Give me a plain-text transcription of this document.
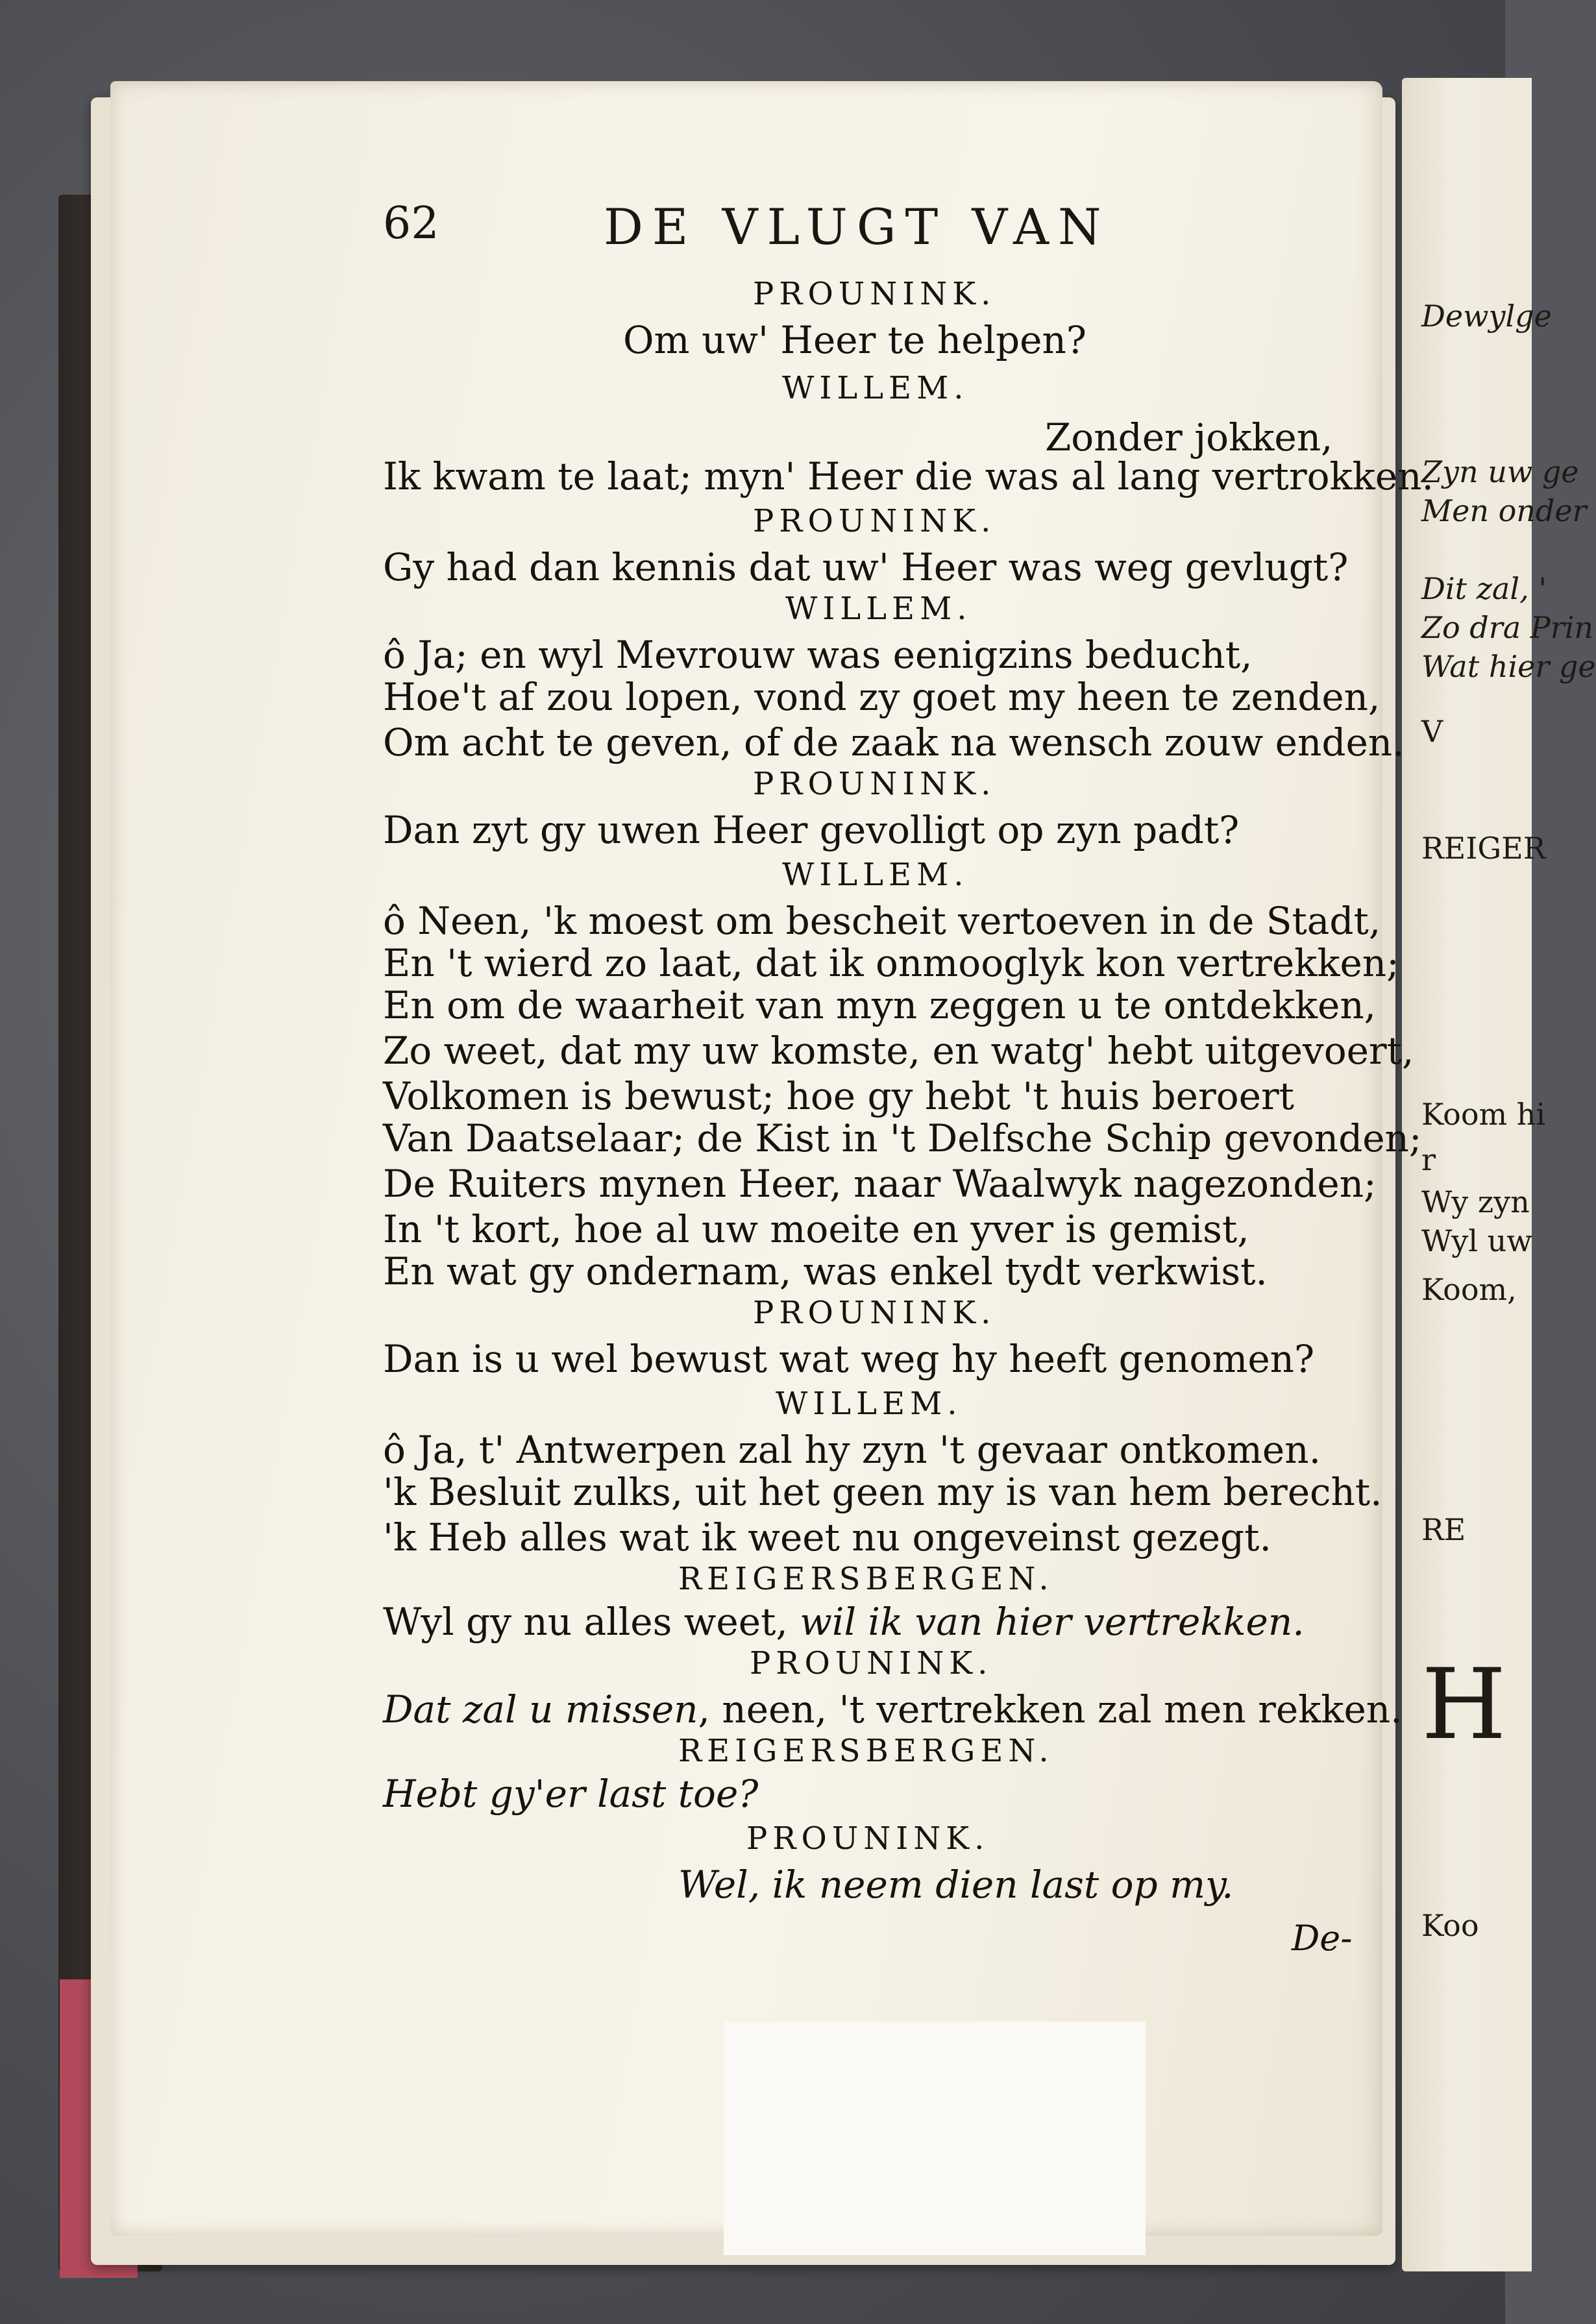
Dewylge
Zyn uw ge
Men onder
Dit zal, '
Zo dra Prin
Wat hier ge
V
REIGER
Koom hi
r
Wy zyn
Wyl uw
Koom,
RE
H
Koo
62	DE VLUGT VAN
PROUNINK.
Om uw' Heer te helpen?
WILLEM.
Zonder jokken,
Ik kwam te laat; myn' Heer die was al lang vertrokken.
PROUNINK.
Gy had dan kennis dat uw' Heer was weg gevlugt?
WILLEM.
ô Ja; en wyl Mevrouw was eenigzins beducht,
Hoe't af zou lopen, vond zy goet my heen te zenden,
Om acht te geven, of de zaak na wensch zouw enden.
PROUNINK.
Dan zyt gy uwen Heer gevolligt op zyn padt?
WILLEM.
ô Neen, 'k moest om bescheit vertoeven in de Stadt,
En 't wierd zo laat, dat ik onmooglyk kon vertrekken;
En om de waarheit van myn zeggen u te ontdekken,
Zo weet, dat my uw komste, en watg' hebt uitgevoert,
Volkomen is bewust; hoe gy hebt 't huis beroert
Van Daatselaar; de Kist in 't Delfsche Schip gevonden;
De Ruiters mynen Heer, naar Waalwyk nagezonden;
In 't kort, hoe al uw moeite en yver is gemist,
En wat gy ondernam, was enkel tydt verkwist.
PROUNINK.
Dan is u wel bewust wat weg hy heeft genomen?
WILLEM.
ô Ja, t' Antwerpen zal hy zyn 't gevaar ontkomen.
'k Besluit zulks, uit het geen my is van hem berecht.
'k Heb alles wat ik weet nu ongeveinst gezegt.
REIGERSBERGEN.
Wyl gy nu alles weet, wil ik van hier vertrekken.
PROUNINK.
Dat zal u missen, neen, 't vertrekken zal men rekken.
REIGERSBERGEN.
Hebt gy'er last toe?
PROUNINK.
Wel, ik neem dien last op my.
De-
